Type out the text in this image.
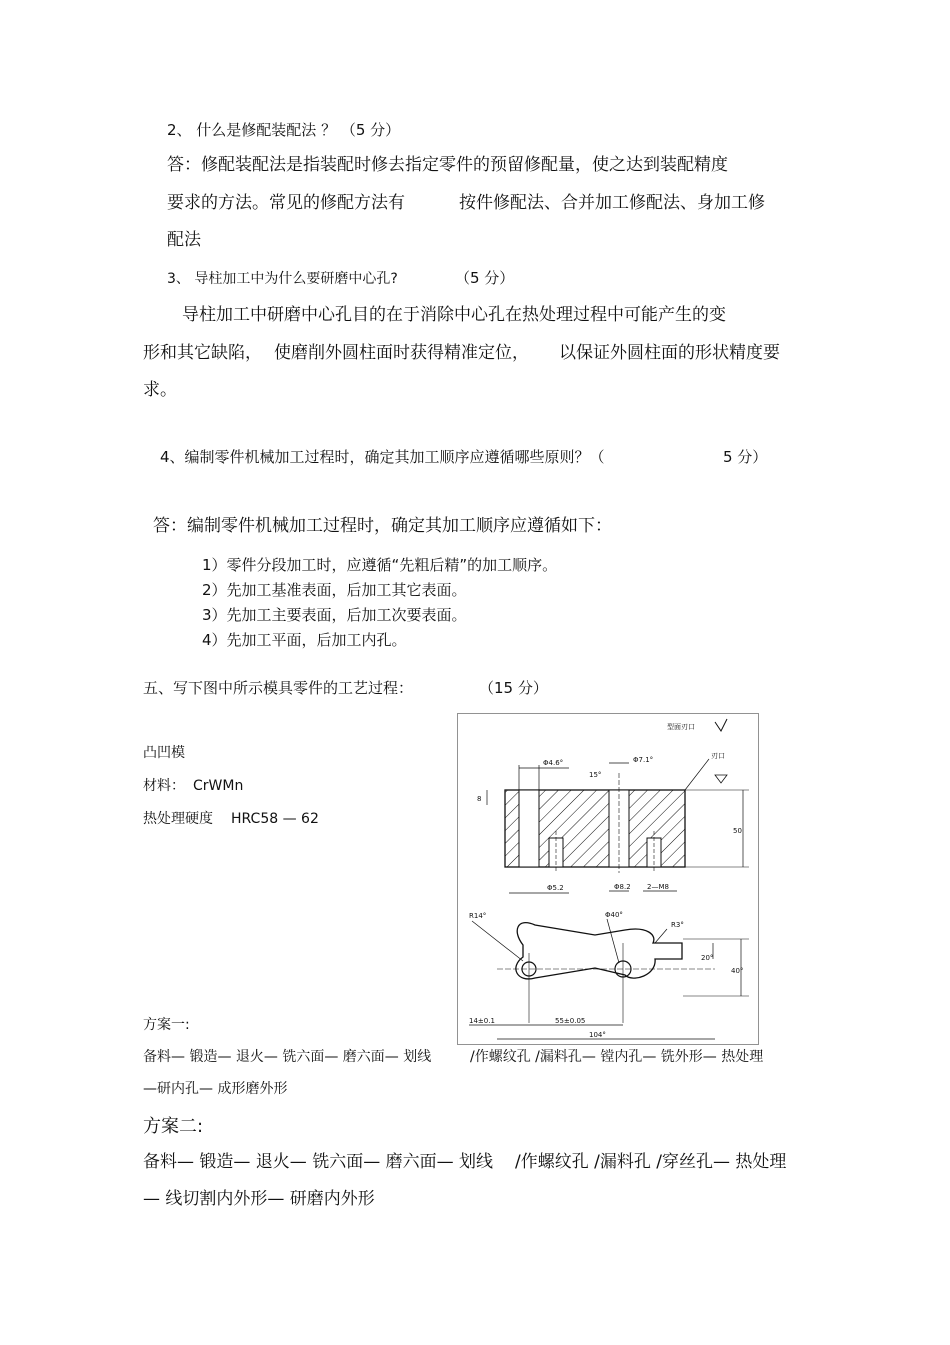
2、 什么是修配装配法 ？ （5 分）
答：修配装配法是指装配时修去指定零件的预留修配量，使之达到装配精度
要求的方法。常见的修配方法有	按件修配法、合并加工修配法、身加工修
配法
3、 导柱加工中为什么要研磨中心孔?	（5 分）
导柱加工中研磨中心孔目的在于消除中心孔在热处理过程中可能产生的变
形和其它缺陷， 使磨削外圆柱面时获得精准定位， 以保证外圆柱面的形状精度要
求。
4、编制零件机械加工过程时，确定其加工顺序应遵循哪些原则？（	5 分）
答：编制零件机械加工过程时，确定其加工顺序应遵循如下：
1）零件分段加工时，应遵循“先粗后精”的加工顺序。
2）先加工基准表面，后加工其它表面。
3）先加工主要表面，后加工次要表面。
4）先加工平面，后加工内孔。
五、写下图中所示模具零件的工艺过程：	（15 分）
凸凹模
材料： CrWMn
热处理硬度 HRC58 — 62
方案一:
备料— 锻造— 退火— 铣六面— 磨六面— 划线	/作螺纹孔 /漏料孔— 镗内孔— 铣外形— 热处理
—研内孔— 成形磨外形
方案二:
备料— 锻造— 退火— 铣六面— 磨六面— 划线 /作螺纹孔 /漏料孔 /穿丝孔— 热处理
— 线切割内外形— 研磨内外形
型面刃口
Φ4.6°	Φ7.1°
15°
刃口
8
50
Φ5.2	Φ8.2 2—M8
R14°	Φ40°
R3°
20°
40°
14±0.1	55±0.05
104°
